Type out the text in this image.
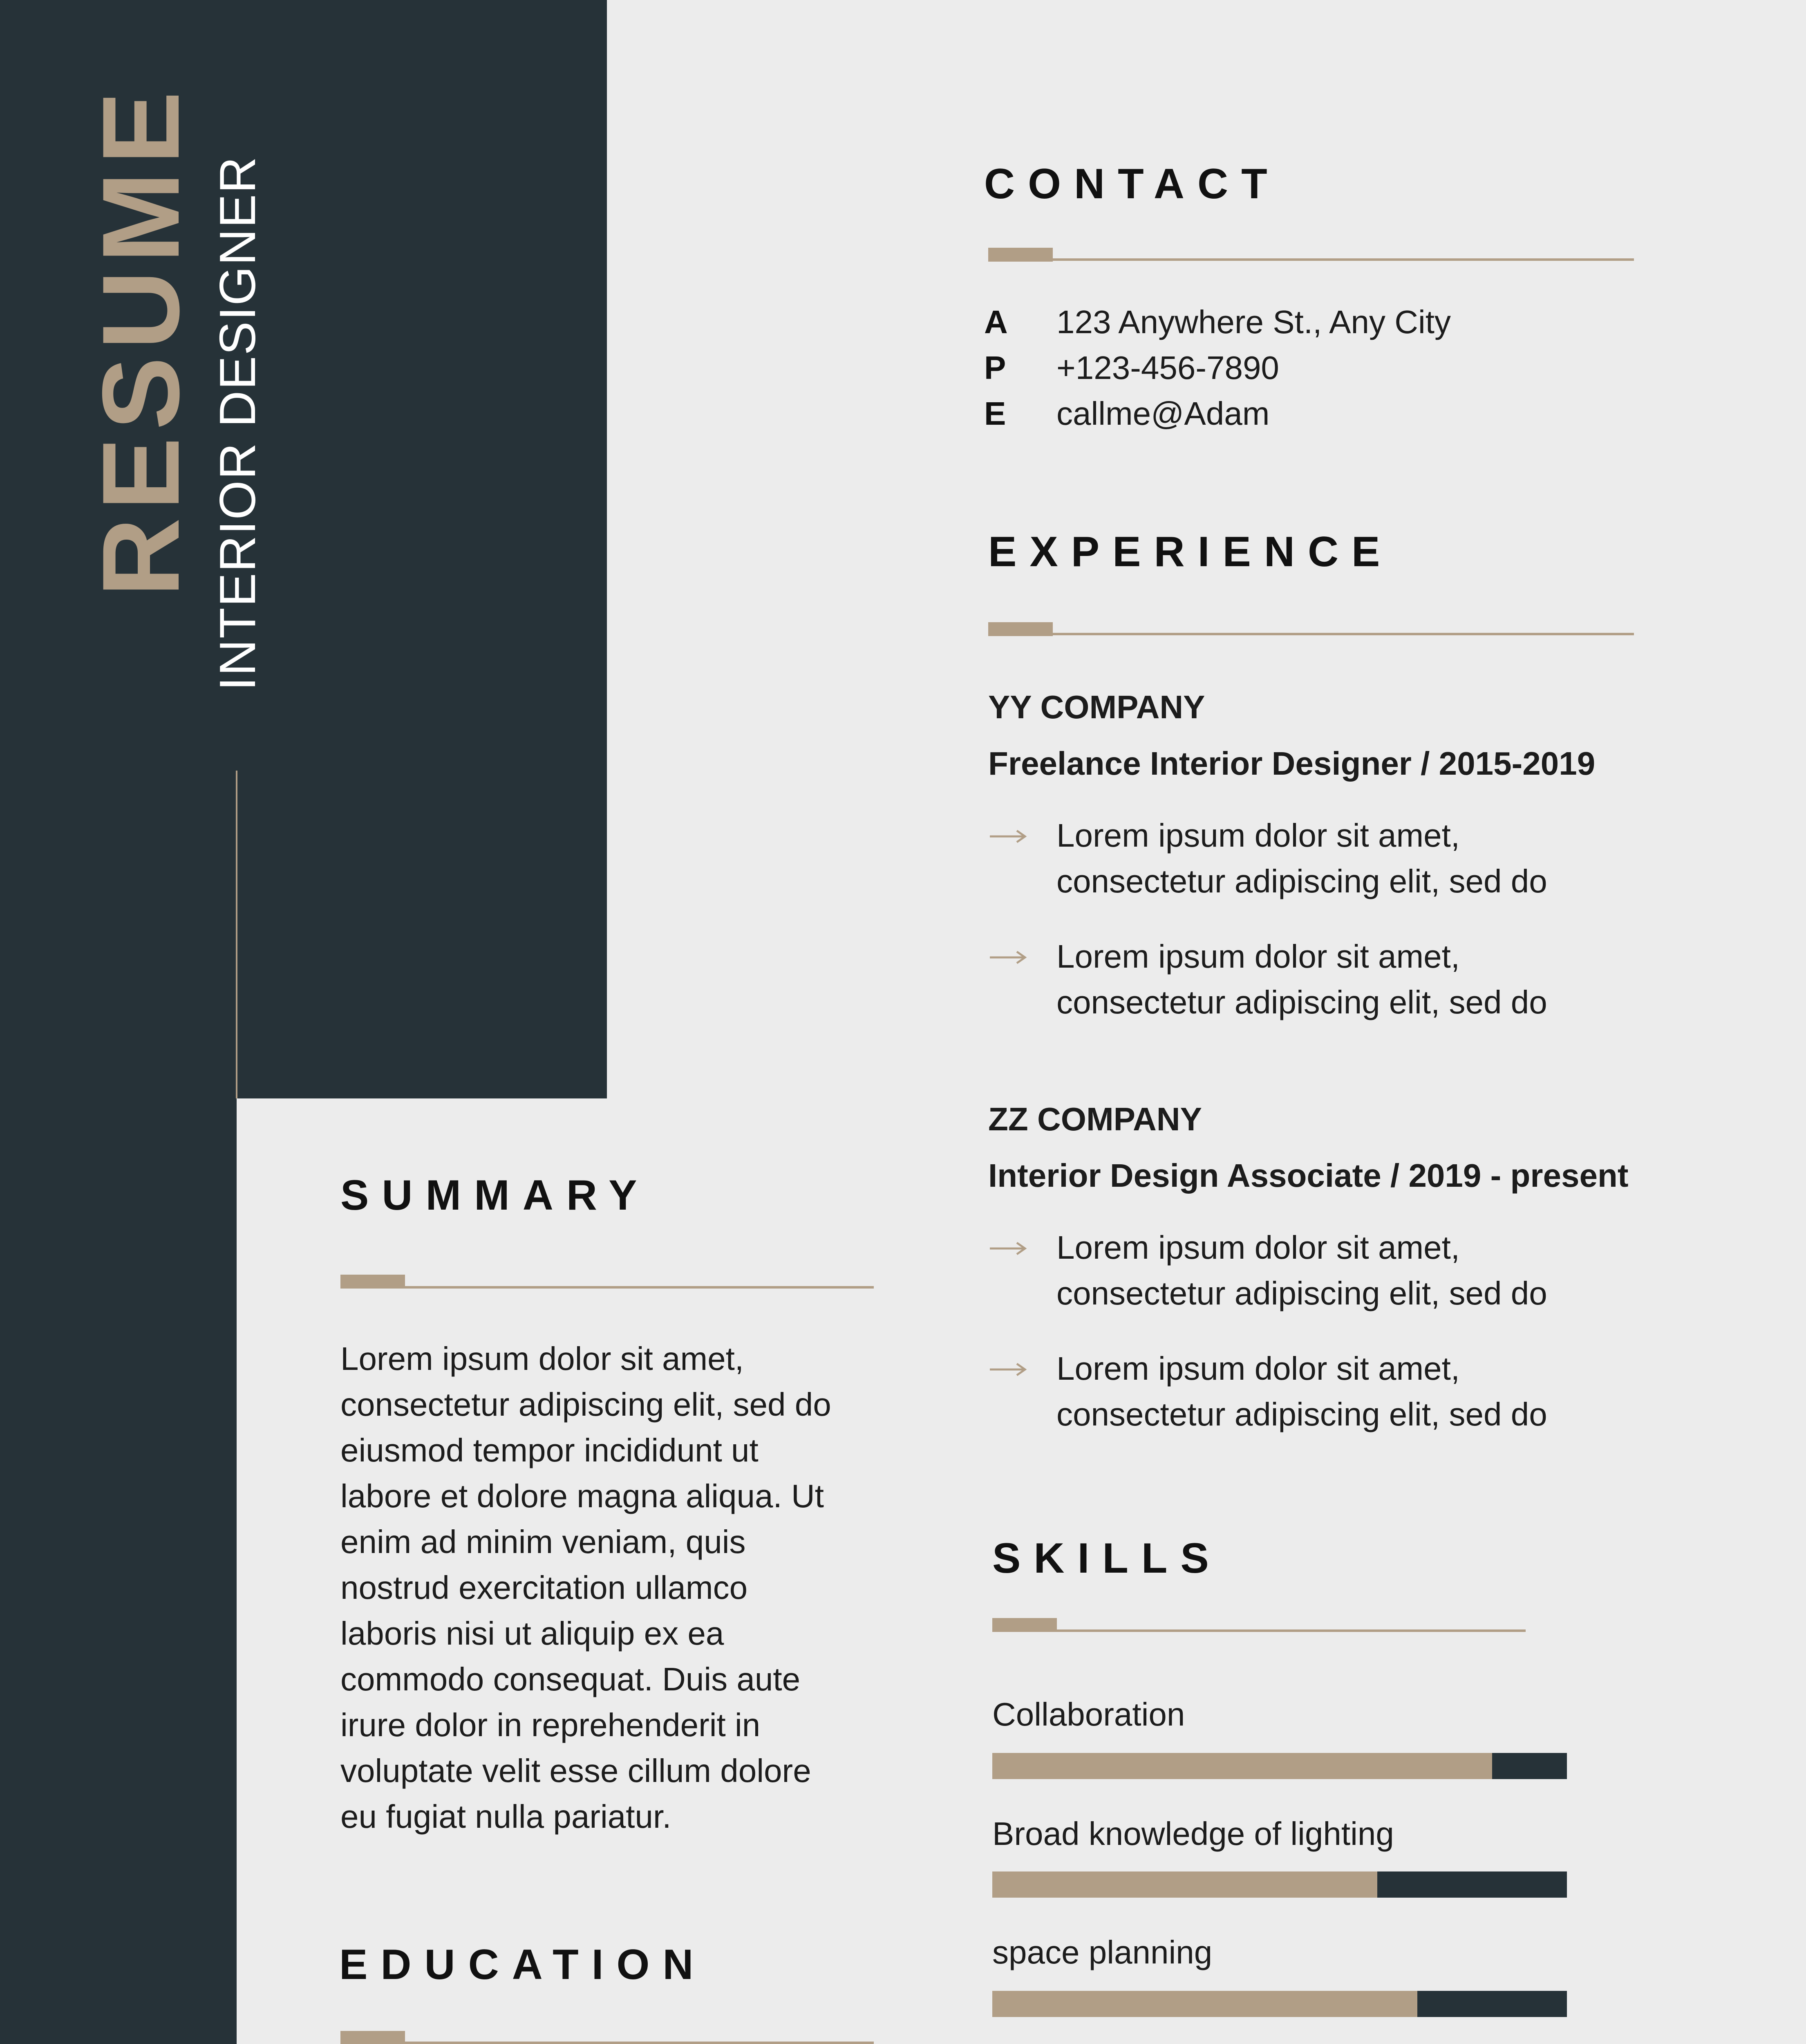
RESUME INTERIOR DESIGNER	CONTACT
A 123 Anywhere St., Any City
P +123-456-7890
E callme@Adam
EXPERIENCE
YY COMPANY
Freelance Interior Designer / 2015-2019
Lorem ipsum dolor sit amet,
consectetur adipiscing elit, sed do
Lorem ipsum dolor sit amet,
consectetur adipiscing elit, sed do
ZZ COMPANY
Interior Design Associate / 2019 - present
Lorem ipsum dolor sit amet,
consectetur adipiscing elit, sed do
Lorem ipsum dolor sit amet,
consectetur adipiscing elit, sed do
SUMMARY
Lorem ipsum dolor sit amet,
consectetur adipiscing elit, sed do
eiusmod tempor incididunt ut
labore et dolore magna aliqua. Ut
enim ad minim veniam, quis
nostrud exercitation ullamco
laboris nisi ut aliquip ex ea
commodo consequat. Duis aute
irure dolor in reprehenderit in
voluptate velit esse cillum dolore
eu fugiat nulla pariatur.
EDUCATION
SKILLS
Collaboration
Broad knowledge of lighting
space planning
